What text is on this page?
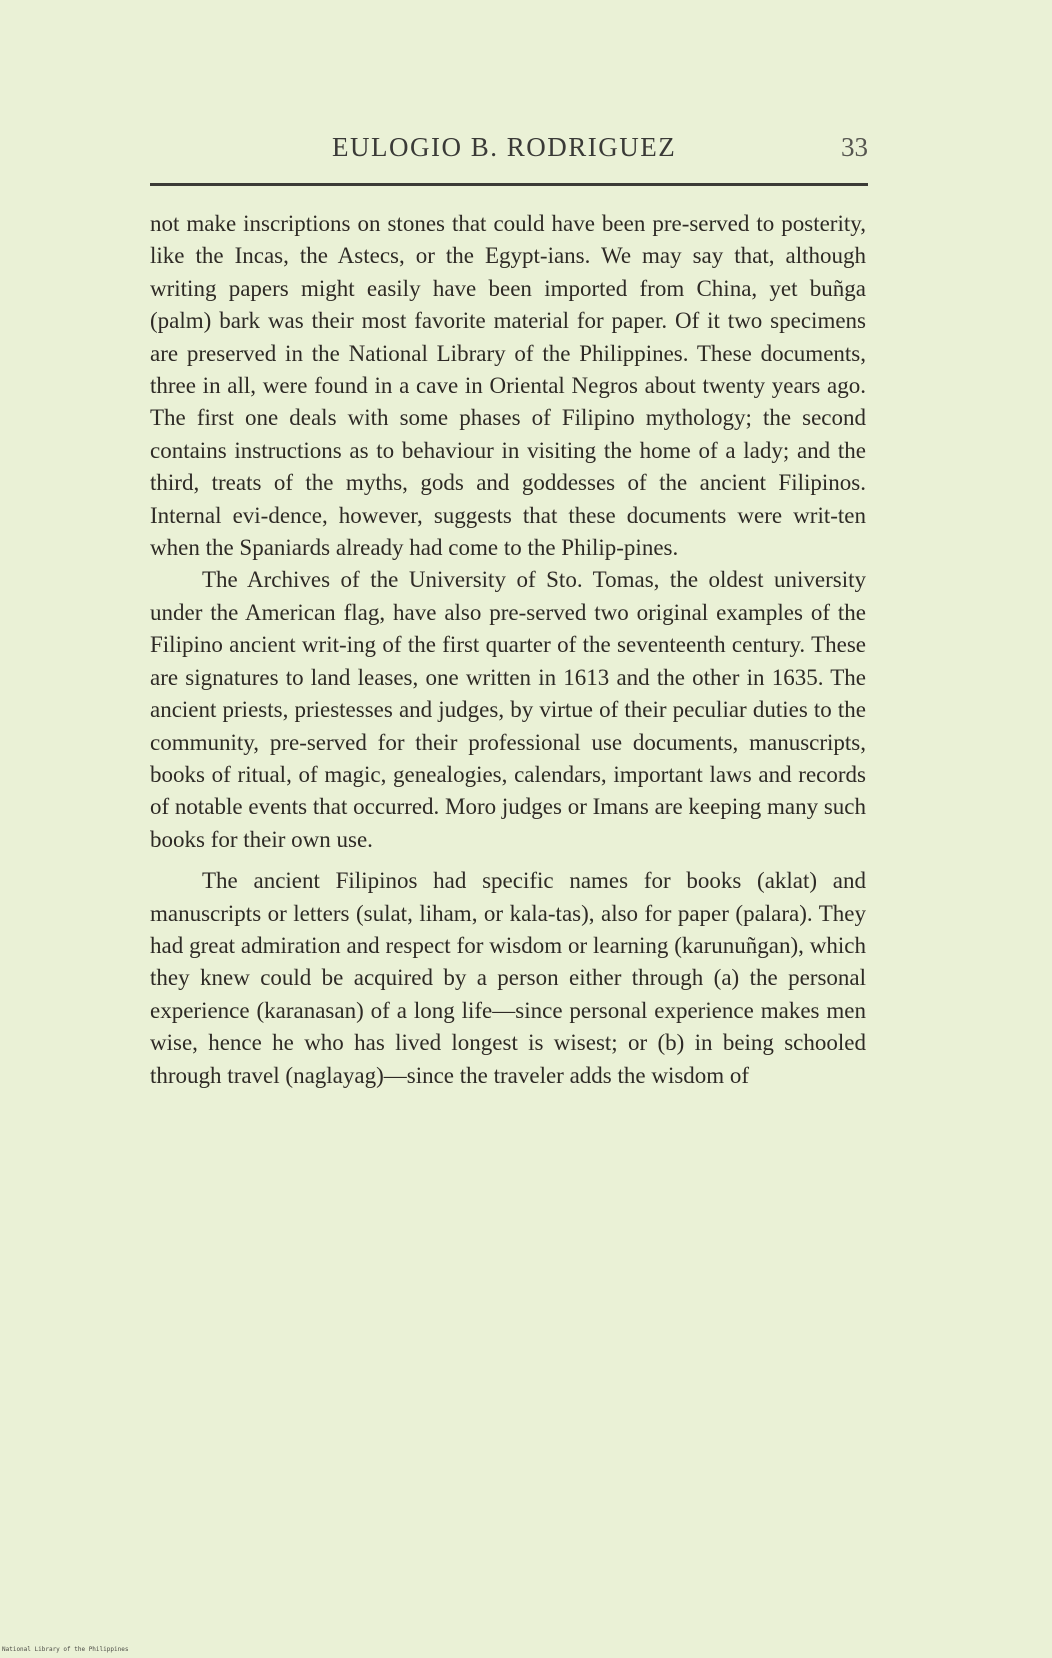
EULOGIO B. RODRIGUEZ	33

not make inscriptions on stones that could have been pre-served to posterity, like the Incas, the Astecs, or the Egypt-ians. We may say that, although writing papers might easily have been imported from China, yet buñga (palm) bark was their most favorite material for paper. Of it two specimens are preserved in the National Library of the Philippines. These documents, three in all, were found in a cave in Oriental Negros about twenty years ago. The first one deals with some phases of Filipino mythology; the second contains instructions as to behaviour in visiting the home of a lady; and the third, treats of the myths, gods and goddesses of the ancient Filipinos. Internal evi-dence, however, suggests that these documents were writ-ten when the Spaniards already had come to the Philip-pines.

The Archives of the University of Sto. Tomas, the oldest university under the American flag, have also pre-served two original examples of the Filipino ancient writ-ing of the first quarter of the seventeenth century. These are signatures to land leases, one written in 1613 and the other in 1635. The ancient priests, priestesses and judges, by virtue of their peculiar duties to the community, pre-served for their professional use documents, manuscripts, books of ritual, of magic, genealogies, calendars, important laws and records of notable events that occurred. Moro judges or Imans are keeping many such books for their own use.

The ancient Filipinos had specific names for books (aklat) and manuscripts or letters (sulat, liham, or kala-tas), also for paper (palara). They had great admiration and respect for wisdom or learning (karunuñgan), which they knew could be acquired by a person either through (a) the personal experience (karanasan) of a long life—since personal experience makes men wise, hence he who has lived longest is wisest; or (b) in being schooled through travel (naglayag)—since the traveler adds the wisdom of

National Library of the Philippines
